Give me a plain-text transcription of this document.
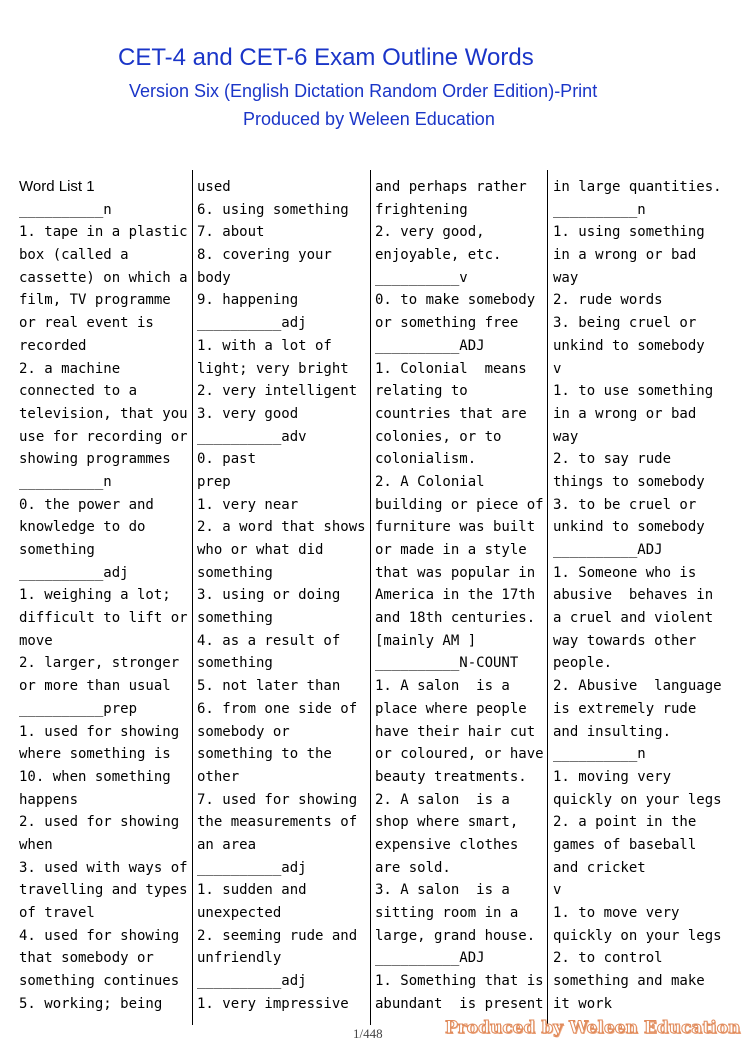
CET-4 and CET-6 Exam Outline Words
Version Six (English Dictation Random Order Edition)-Print
Produced by Weleen Education
Word List 1
__________n
1. tape in a plastic
box (called a
cassette) on which a
film, TV programme
or real event is
recorded
2. a machine
connected to a
television, that you
use for recording or
showing programmes
__________n
0. the power and
knowledge to do
something
__________adj
1. weighing a lot;
difficult to lift or
move
2. larger, stronger
or more than usual
__________prep
1. used for showing
where something is
10. when something
happens
2. used for showing
when
3. used with ways of
travelling and types
of travel
4. used for showing
that somebody or
something continues
5. working; being
used
6. using something
7. about
8. covering your
body
9. happening
__________adj
1. with a lot of
light; very bright
2. very intelligent
3. very good
__________adv
0. past
prep
1. very near
2. a word that shows
who or what did
something
3. using or doing
something
4. as a result of
something
5. not later than
6. from one side of
somebody or
something to the
other
7. used for showing
the measurements of
an area
__________adj
1. sudden and
unexpected
2. seeming rude and
unfriendly
__________adj
1. very impressive
and perhaps rather
frightening
2. very good,
enjoyable, etc.
__________v
0. to make somebody
or something free
__________ADJ
1. Colonial  means
relating to
countries that are
colonies, or to
colonialism.
2. A Colonial
building or piece of
furniture was built
or made in a style
that was popular in
America in the 17th
and 18th centuries.
[mainly AM ]
__________N-COUNT
1. A salon  is a
place where people
have their hair cut
or coloured, or have
beauty treatments.
2. A salon  is a
shop where smart,
expensive clothes
are sold.
3. A salon  is a
sitting room in a
large, grand house.
__________ADJ
1. Something that is
abundant  is present
in large quantities.
__________n
1. using something
in a wrong or bad
way
2. rude words
3. being cruel or
unkind to somebody
v
1. to use something
in a wrong or bad
way
2. to say rude
things to somebody
3. to be cruel or
unkind to somebody
__________ADJ
1. Someone who is
abusive  behaves in
a cruel and violent
way towards other
people.
2. Abusive  language
is extremely rude
and insulting.
__________n
1. moving very
quickly on your legs
2. a point in the
games of baseball
and cricket
v
1. to move very
quickly on your legs
2. to control
something and make
it work
1/448	Produced by Weleen Education
